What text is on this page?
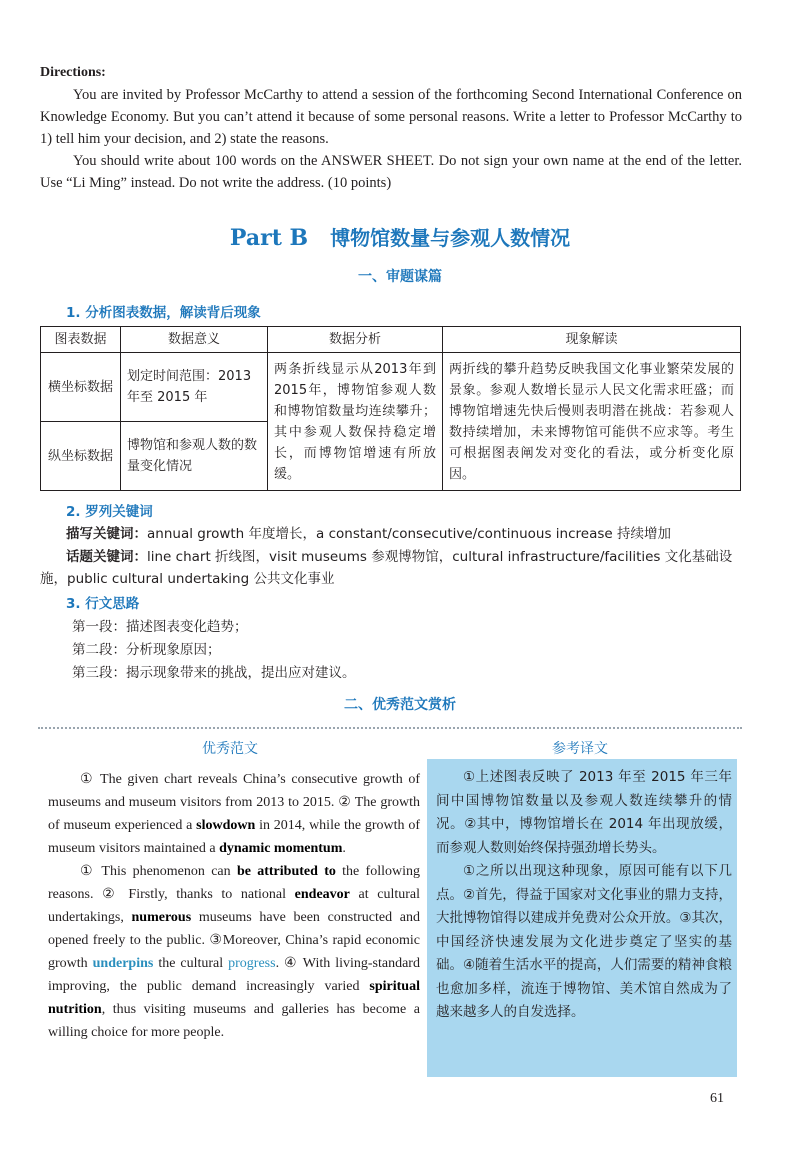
Directions:

You are invited by Professor McCarthy to attend a session of the forthcoming Second International Conference on Knowledge Economy. But you can’t attend it because of some personal reasons. Write a letter to Professor McCarthy to 1) tell him your decision, and 2) state the reasons.

You should write about 100 words on the ANSWER SHEET. Do not sign your own name at the end of the letter. Use “Li Ming” instead. Do not write the address. (10 points)

Part B 博物馆数量与参观人数情况
一、审题谋篇
1. 分析图表数据，解读背后现象
图表数据	数据意义	数据分析	现象解读
横坐标数据	划定时间范围：2013 年至 2015 年	两条折线显示从2013年到2015年，博物馆参观人数和博物馆数量均连续攀升；其中参观人数保持稳定增长，而博物馆增速有所放缓。	两折线的攀升趋势反映我国文化事业繁荣发展的景象。参观人数增长显示人民文化需求旺盛；而博物馆增速先快后慢则表明潜在挑战：若参观人数持续增加，未来博物馆可能供不应求等。考生可根据图表阐发对变化的看法，或分析变化原因。
纵坐标数据	博物馆和参观人数的数量变化情况		
2. 罗列关键词
描写关键词：annual growth 年度增长，a constant/consecutive/continuous increase 持续增加
话题关键词：line chart 折线图，visit museums 参观博物馆，cultural infrastructure/facilities 文化基础设施，public cultural undertaking 公共文化事业
3. 行文思路
第一段：描述图表变化趋势；
第二段：分析现象原因；
第三段：揭示现象带来的挑战，提出应对建议。
二、优秀范文赏析
优秀范文	参考译文

① The given chart reveals China’s consecutive growth of museums and museum visitors from 2013 to 2015. ② The growth of museum experienced a slowdown in 2014, while the growth of museum visitors maintained a dynamic momentum.

① This phenomenon can be attributed to the following reasons. ② Firstly, thanks to national endeavor at cultural undertakings, numerous museums have been constructed and opened freely to the public. ③Moreover, China’s rapid economic growth underpins the cultural progress. ④ With living-standard improving, the public demand increasingly varied spiritual nutrition, thus visiting museums and galleries has become a willing choice for more people.

①上述图表反映了 2013 年至 2015 年三年间中国博物馆数量以及参观人数连续攀升的情况。②其中，博物馆增长在 2014 年出现放缓，而参观人数则始终保持强劲增长势头。

①之所以出现这种现象，原因可能有以下几点。②首先，得益于国家对文化事业的鼎力支持，大批博物馆得以建成并免费对公众开放。③其次，中国经济快速发展为文化进步奠定了坚实的基础。④随着生活水平的提高，人们需要的精神食粮也愈加多样，流连于博物馆、美术馆自然成为了越来越多人的自发选择。

61
